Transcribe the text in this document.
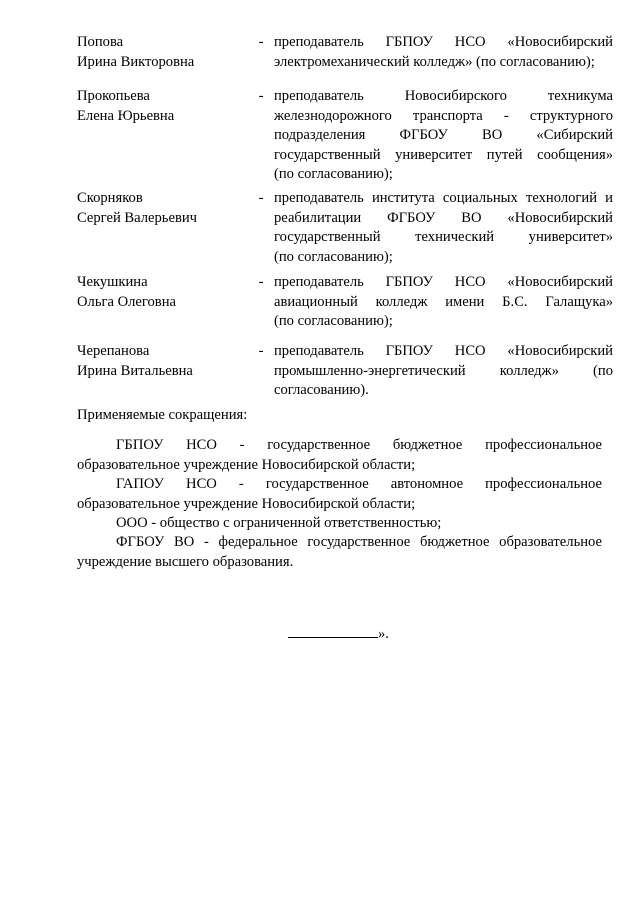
Попова
Ирина Викторовна
- преподаватель ГБПОУ НСО «Новосибирский
электромеханический колледж» (по согласованию);
Прокопьева
Елена Юрьевна
- преподаватель Новосибирского техникума
железнодорожного транспорта - структурного
подразделения ФГБОУ ВО «Сибирский
государственный университет путей сообщения»
(по согласованию);
Скорняков
Сергей Валерьевич
- преподаватель института социальных технологий и
реабилитации ФГБОУ ВО «Новосибирский
государственный технический университет»
(по согласованию);
Чекушкина
Ольга Олеговна
- преподаватель ГБПОУ НСО «Новосибирский
авиационный колледж имени Б.С. Галащука»
(по согласованию);
Черепанова
Ирина Витальевна
- преподаватель ГБПОУ НСО «Новосибирский
промышленно-энергетический колледж» (по
согласованию).
Применяемые сокращения:
ГБПОУ НСО - государственное бюджетное профессиональное
образовательное учреждение Новосибирской области;
ГАПОУ НСО - государственное автономное профессиональное
образовательное учреждение Новосибирской области;
ООО - общество с ограниченной ответственностью;
ФГБОУ ВО - федеральное государственное бюджетное образовательное
учреждение высшего образования.
».
